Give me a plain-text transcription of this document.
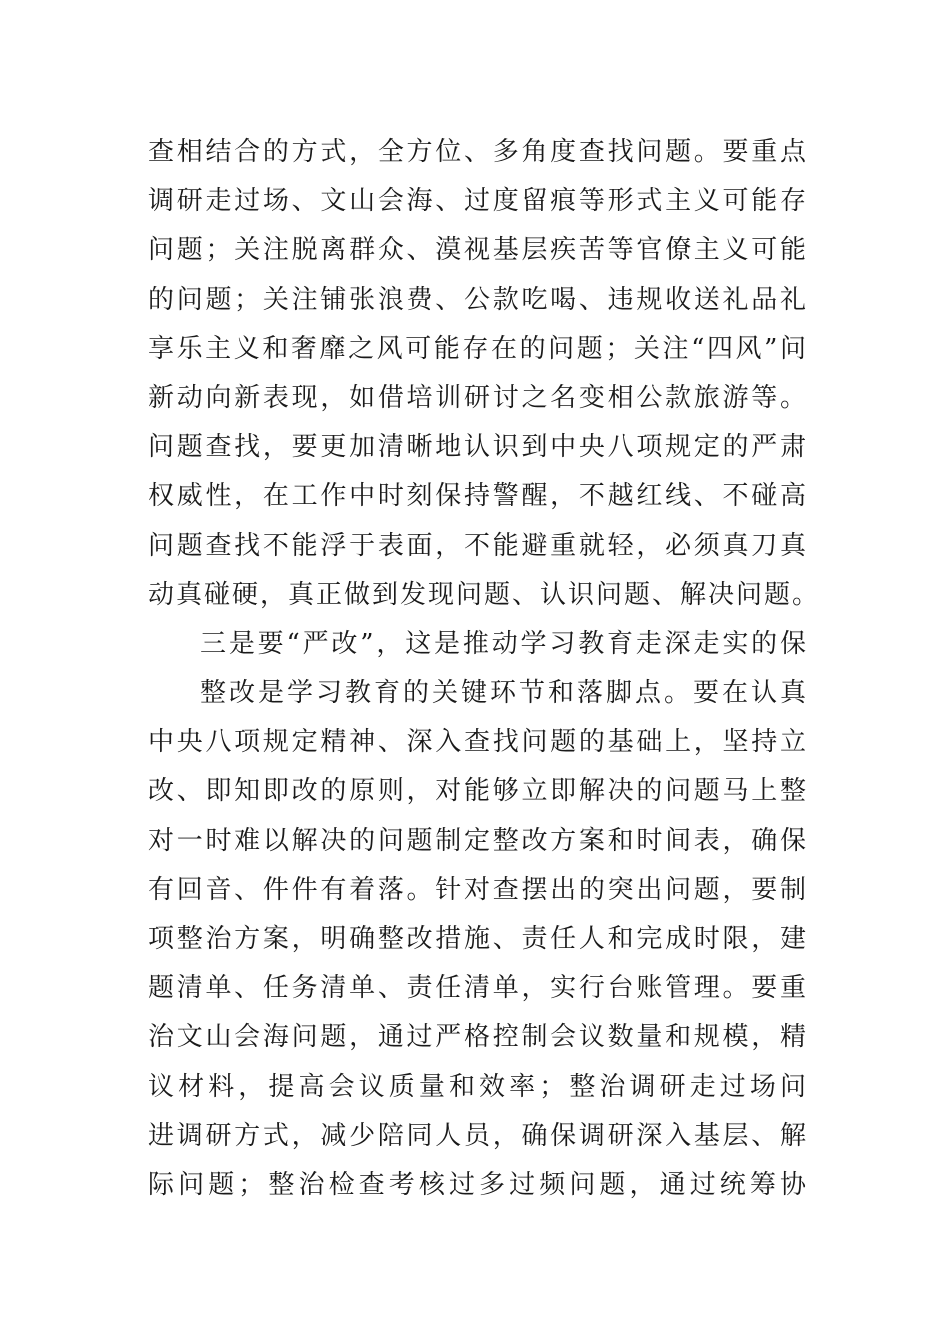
查相结合的方式，全方位、多角度查找问题。要重点
调研走过场、文山会海、过度留痕等形式主义可能存
问题；关注脱离群众、漠视基层疾苦等官僚主义可能
的问题；关注铺张浪费、公款吃喝、违规收送礼品礼
享乐主义和奢靡之风可能存在的问题；关注“四风”问
新动向新表现，如借培训研讨之名变相公款旅游等。
问题查找，要更加清晰地认识到中央八项规定的严肃
权威性，在工作中时刻保持警醒，不越红线、不碰高
问题查找不能浮于表面，不能避重就轻，必须真刀真
动真碰硬，真正做到发现问题、认识问题、解决问题。
三是要“严改”，这是推动学习教育走深走实的保
整改是学习教育的关键环节和落脚点。要在认真
中央八项规定精神、深入查找问题的基础上，坚持立
改、即知即改的原则，对能够立即解决的问题马上整
对一时难以解决的问题制定整改方案和时间表，确保
有回音、件件有着落。针对查摆出的突出问题，要制
项整治方案，明确整改措施、责任人和完成时限，建
题清单、任务清单、责任清单，实行台账管理。要重
治文山会海问题，通过严格控制会议数量和规模，精
议材料，提高会议质量和效率；整治调研走过场问
进调研方式，减少陪同人员，确保调研深入基层、解
际问题；整治检查考核过多过频问题，通过统筹协
